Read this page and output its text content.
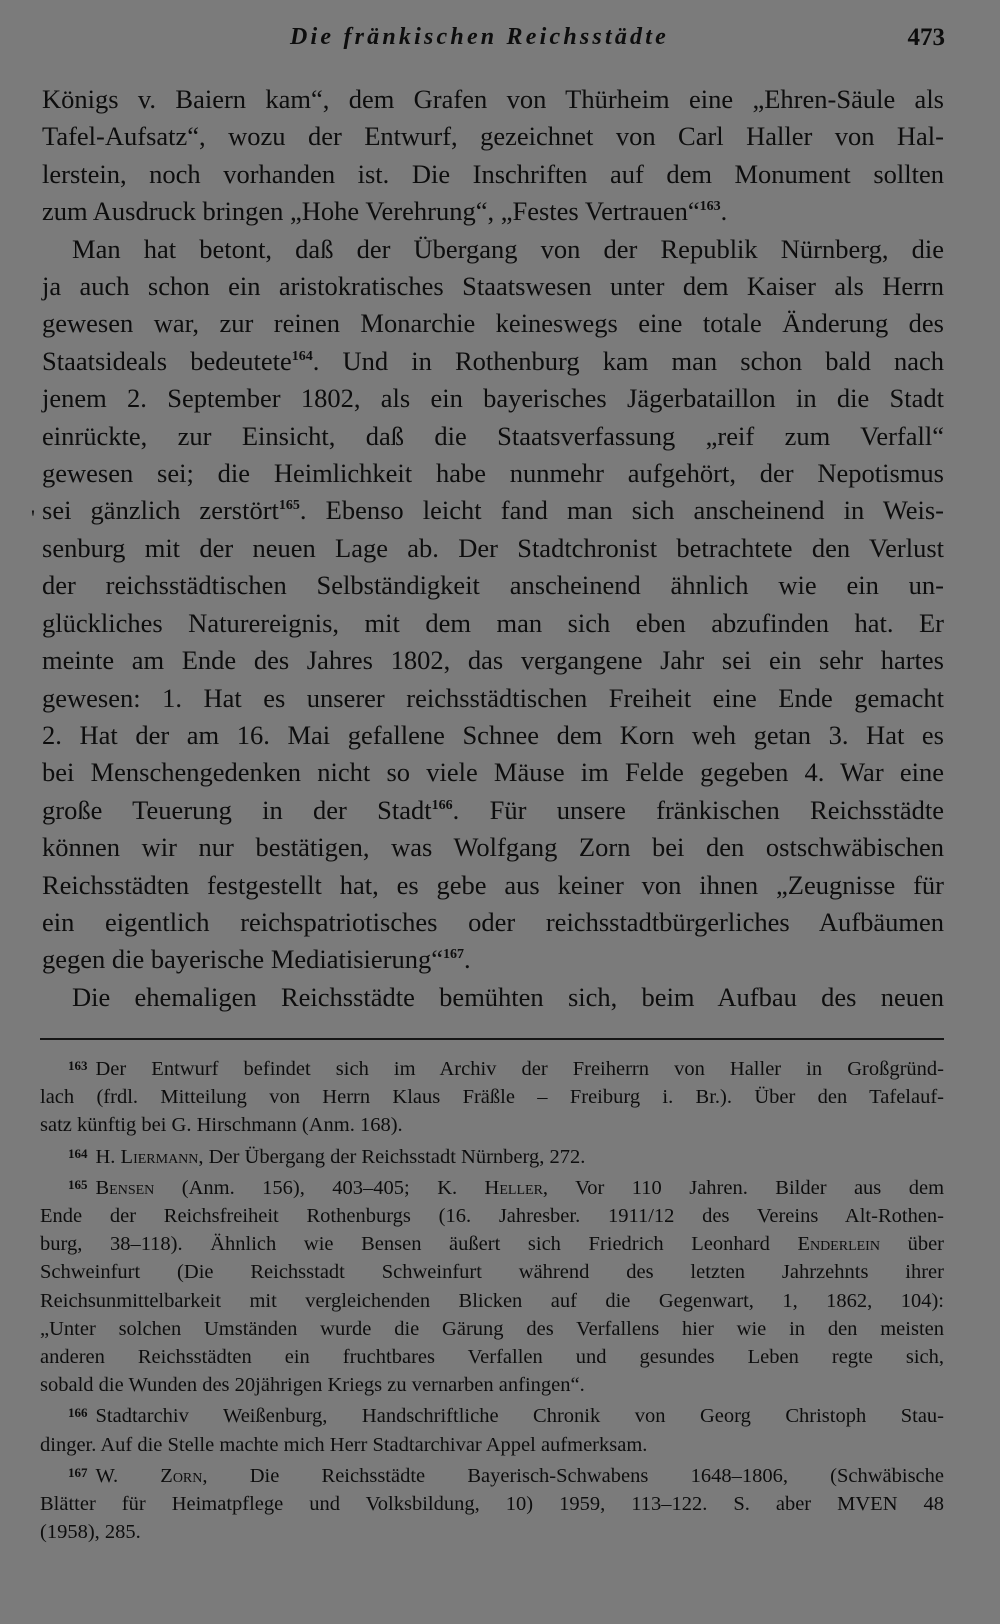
Die fränkischen Reichsstädte	473
'
Königs v. Baiern kam“, dem Grafen von Thürheim eine „Ehren-Säule als
Tafel-Aufsatz“, wozu der Entwurf, gezeichnet von Carl Haller von Hal-
lerstein, noch vorhanden ist. Die Inschriften auf dem Monument sollten
zum Ausdruck bringen „Hohe Verehrung“, „Festes Vertrauen“$^{163}$.
Man hat betont, daß der Übergang von der Republik Nürnberg, die
ja auch schon ein aristokratisches Staatswesen unter dem Kaiser als Herrn
gewesen war, zur reinen Monarchie keineswegs eine totale Änderung des
Staatsideals bedeutete$^{164}$. Und in Rothenburg kam man schon bald nach
jenem 2. September 1802, als ein bayerisches Jägerbataillon in die Stadt
einrückte, zur Einsicht, daß die Staatsverfassung „reif zum Verfall“
gewesen sei; die Heimlichkeit habe nunmehr aufgehört, der Nepotismus
sei gänzlich zerstört$^{165}$. Ebenso leicht fand man sich anscheinend in Weis-
senburg mit der neuen Lage ab. Der Stadtchronist betrachtete den Verlust
der reichsstädtischen Selbständigkeit anscheinend ähnlich wie ein un-
glückliches Naturereignis, mit dem man sich eben abzufinden hat. Er
meinte am Ende des Jahres 1802, das vergangene Jahr sei ein sehr hartes
gewesen: 1. Hat es unserer reichsstädtischen Freiheit eine Ende gemacht
2. Hat der am 16. Mai gefallene Schnee dem Korn weh getan 3. Hat es
bei Menschengedenken nicht so viele Mäuse im Felde gegeben 4. War eine
große Teuerung in der Stadt$^{166}$. Für unsere fränkischen Reichsstädte
können wir nur bestätigen, was Wolfgang Zorn bei den ostschwäbischen
Reichsstädten festgestellt hat, es gebe aus keiner von ihnen „Zeugnisse für
ein eigentlich reichspatriotisches oder reichsstadtbürgerliches Aufbäumen
gegen die bayerische Mediatisierung“$^{167}$.
Die ehemaligen Reichsstädte bemühten sich, beim Aufbau des neuen
$^{163}$ Der Entwurf befindet sich im Archiv der Freiherrn von Haller in Großgründ-
lach (frdl. Mitteilung von Herrn Klaus Fräßle – Freiburg i. Br.). Über den Tafelauf-
satz künftig bei G. Hirschmann (Anm. 168).
$^{164}$ H. Liermann, Der Übergang der Reichsstadt Nürnberg, 272.
$^{165}$ Bensen (Anm. 156), 403–405; K. Heller, Vor 110 Jahren. Bilder aus dem
Ende der Reichsfreiheit Rothenburgs (16. Jahresber. 1911/12 des Vereins Alt-Rothen-
burg, 38–118). Ähnlich wie Bensen äußert sich Friedrich Leonhard Enderlein über
Schweinfurt (Die Reichsstadt Schweinfurt während des letzten Jahrzehnts ihrer
Reichsunmittelbarkeit mit vergleichenden Blicken auf die Gegenwart, 1, 1862, 104):
„Unter solchen Umständen wurde die Gärung des Verfallens hier wie in den meisten
anderen Reichsstädten ein fruchtbares Verfallen und gesundes Leben regte sich,
sobald die Wunden des 20jährigen Kriegs zu vernarben anfingen“.
$^{166}$ Stadtarchiv Weißenburg, Handschriftliche Chronik von Georg Christoph Stau-
dinger. Auf die Stelle machte mich Herr Stadtarchivar Appel aufmerksam.
$^{167}$ W. Zorn, Die Reichsstädte Bayerisch-Schwabens 1648–1806, (Schwäbische
Blätter für Heimatpflege und Volksbildung, 10) 1959, 113–122. S. aber MVEN 48
(1958), 285.
